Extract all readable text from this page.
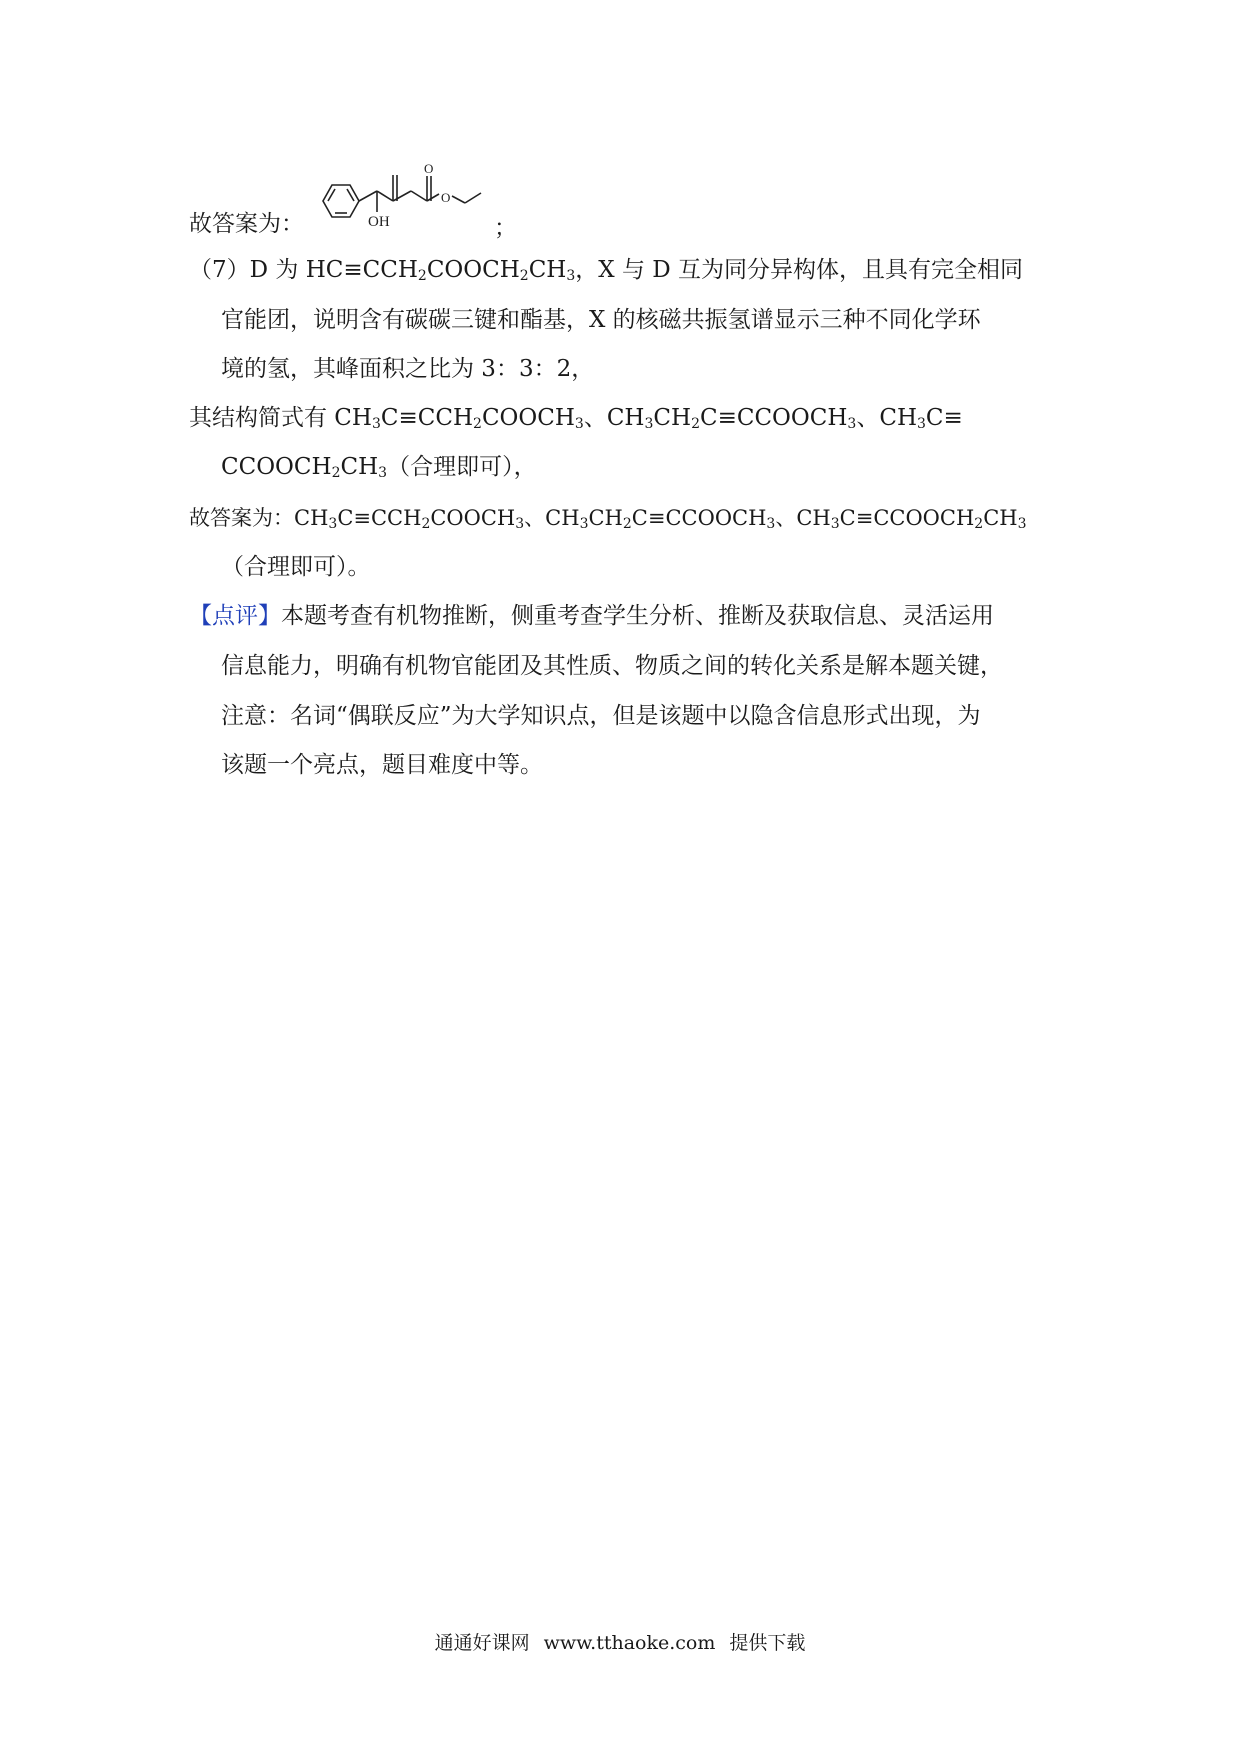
故答案为：	OH
O
O
；
（7）D 为 $HC\equiv CCH_2COOCH_2CH_3$，X 与 D 互为同分异构体，且具有完全相同
官能团，说明含有碳碳三键和酯基，X 的核磁共振氢谱显示三种不同化学环
境的氢，其峰面积之比为 3：3：2，
其结构简式有 $CH_3C\equiv CCH_2COOCH_3$、$CH_3CH_2C\equiv CCOOCH_3$、$CH_3C\equiv$
$CCOOCH_2CH_3$（合理即可），
故答案为：$CH_3C\equiv CCH_2COOCH_3$、$CH_3CH_2C\equiv CCOOCH_3$、$CH_3C\equiv CCOOCH_2CH_3$
（合理即可）。
【点评】本题考查有机物推断，侧重考查学生分析、推断及获取信息、灵活运用
信息能力，明确有机物官能团及其性质、物质之间的转化关系是解本题关键，
注意：名词“偶联反应”为大学知识点，但是该题中以隐含信息形式出现，为
该题一个亮点，题目难度中等。
通通好课网 www.tthaoke.com 提供下载
